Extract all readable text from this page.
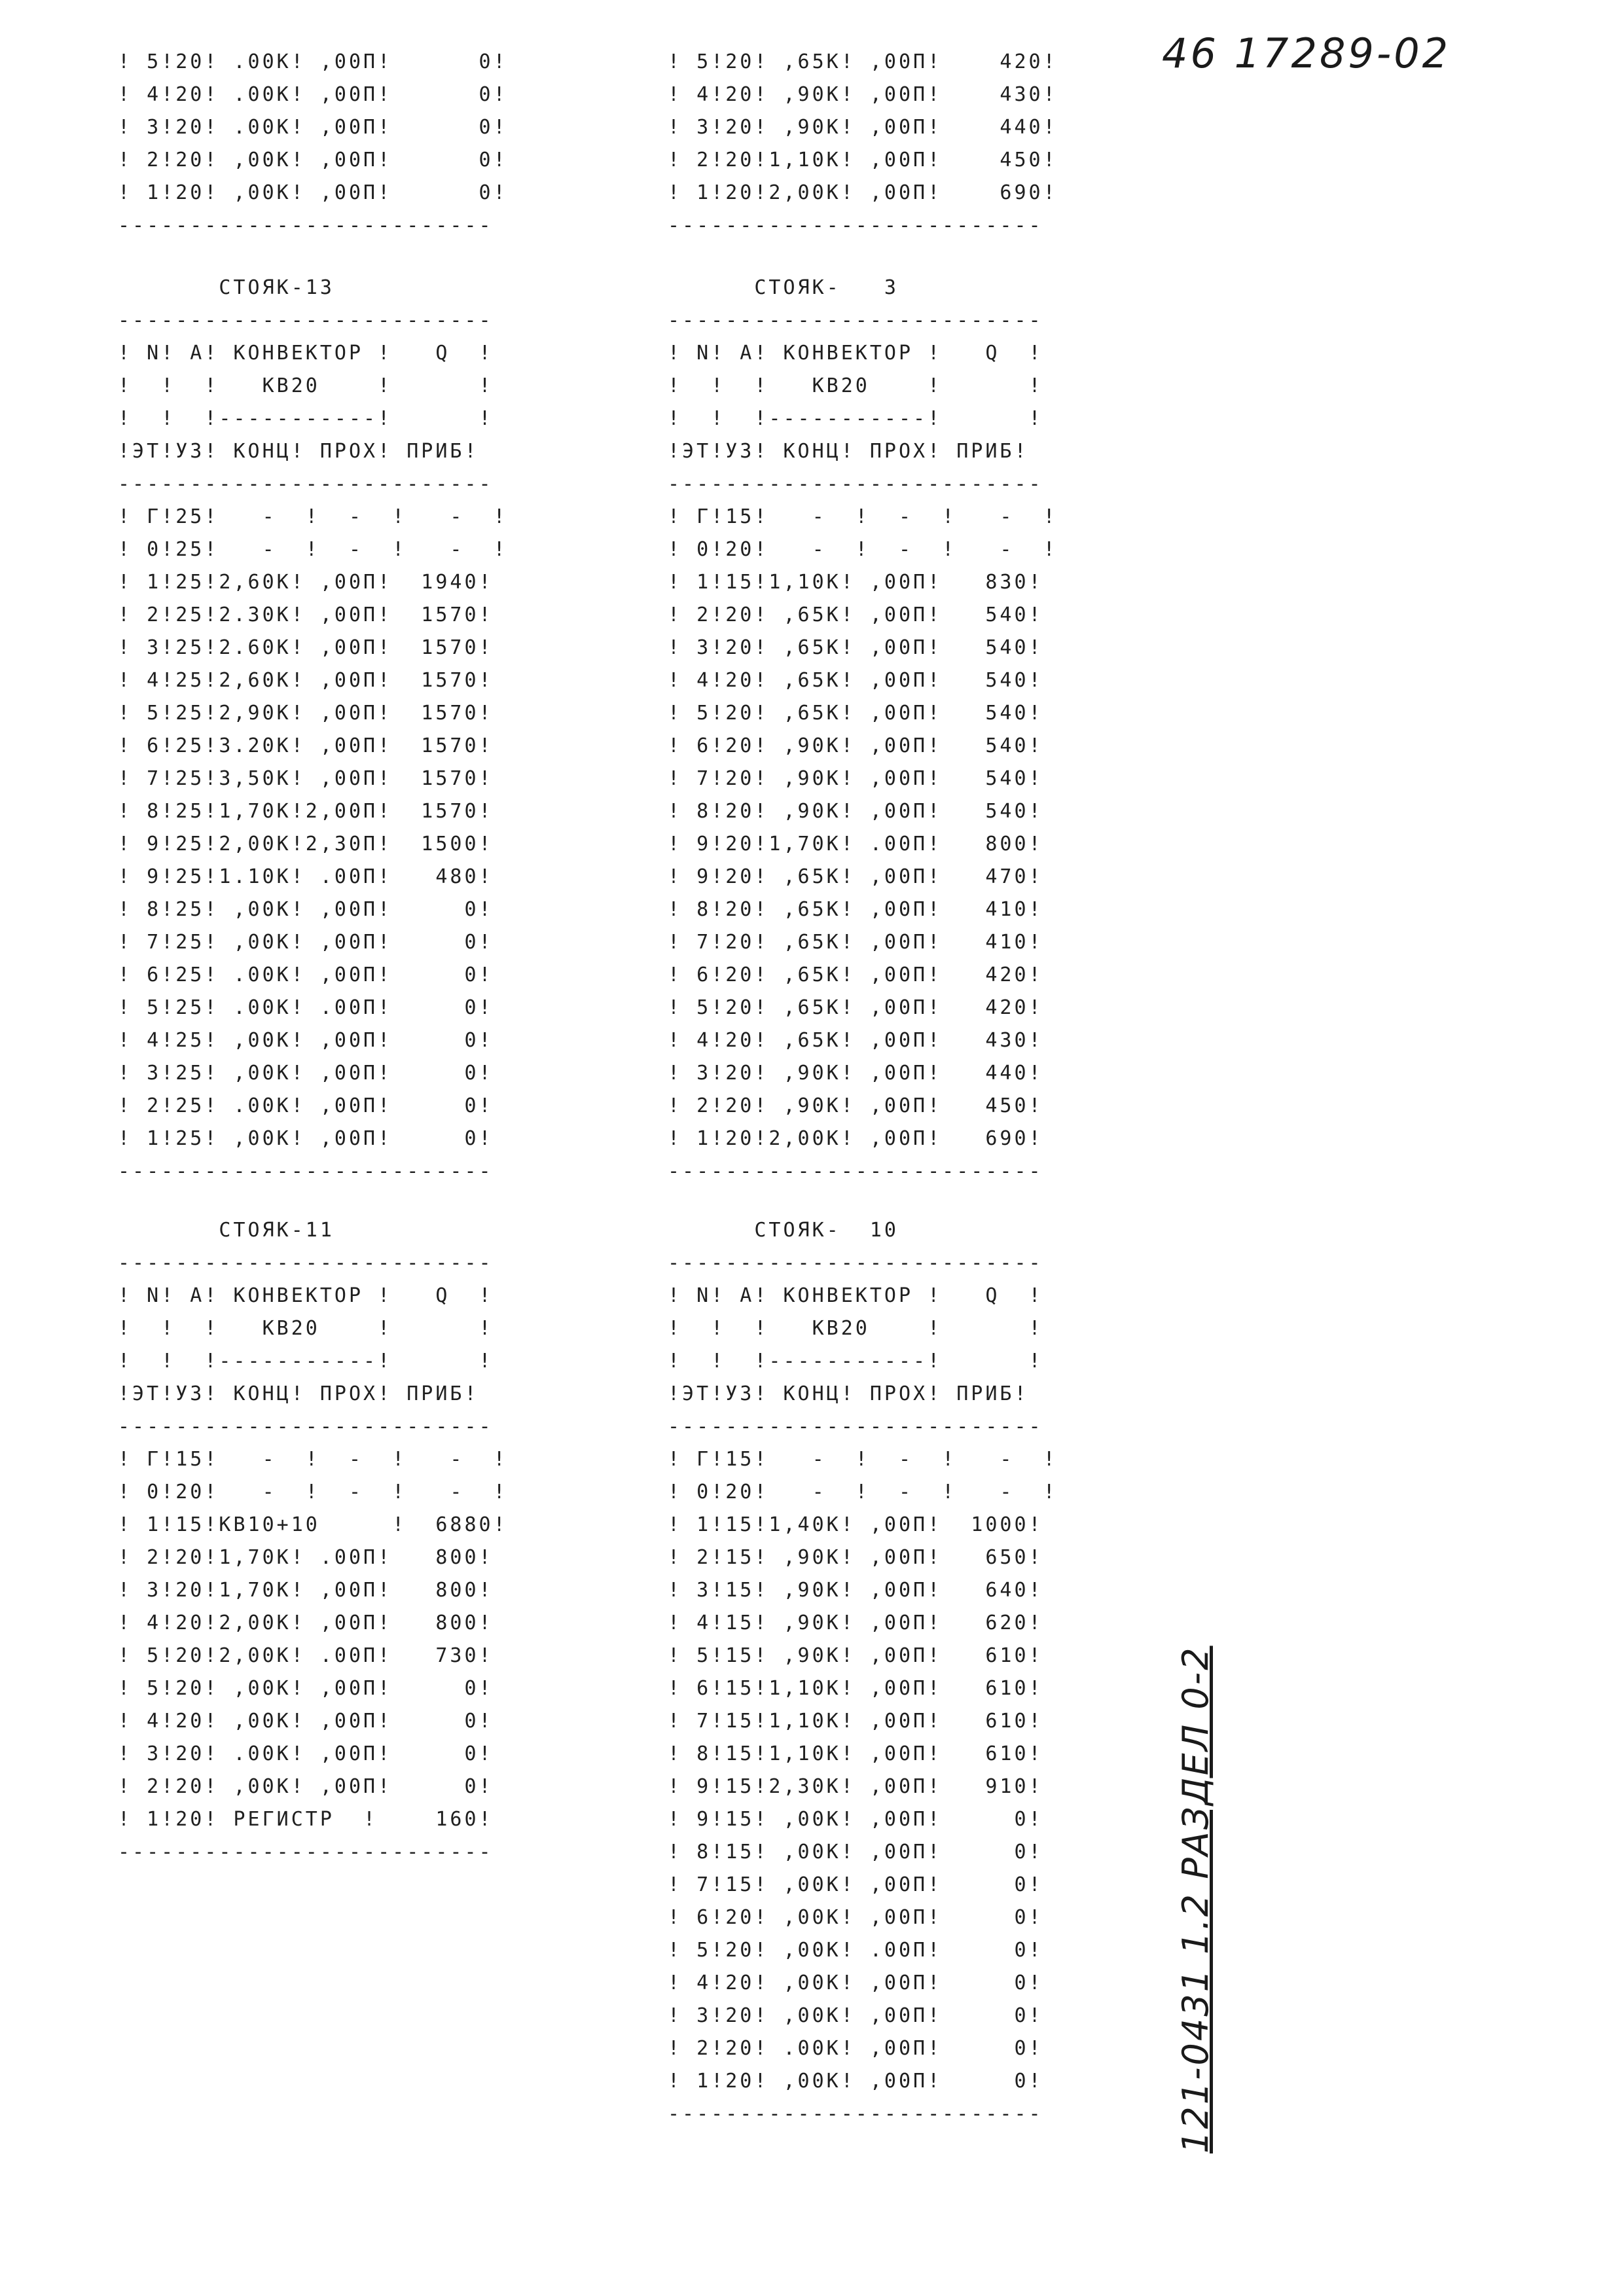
! 5!20! .00K! ,00П!      0!
! 4!20! .00K! ,00П!      0!
! 3!20! .00K! ,00П!      0!
! 2!20! ,00K! ,00П!      0!
! 1!20! ,00K! ,00П!      0!
--------------------------
! 5!20! ,65K! ,00П!    420!
! 4!20! ,90K! ,00П!    430!
! 3!20! ,90K! ,00П!    440!
! 2!20!1,10K! ,00П!    450!
! 1!20!2,00K! ,00П!    690!
--------------------------
СТОЯК-13
--------------------------
! N! A! КОНВЕКТОР !   Q  !
!  !  !   KB20    !      !
!  !  !-----------!      !
!ЭТ!УЗ! КОНЦ! ПРОХ! ПРИБ!
--------------------------
! Г!25!   -  !  -  !   -  !
! 0!25!   -  !  -  !   -  !
! 1!25!2,60K! ,00П!  1940!
! 2!25!2.30K! ,00П!  1570!
! 3!25!2.60K! ,00П!  1570!
! 4!25!2,60K! ,00П!  1570!
! 5!25!2,90K! ,00П!  1570!
! 6!25!3.20K! ,00П!  1570!
! 7!25!3,50K! ,00П!  1570!
! 8!25!1,70K!2,00П!  1570!
! 9!25!2,00K!2,30П!  1500!
! 9!25!1.10K! .00П!   480!
! 8!25! ,00K! ,00П!     0!
! 7!25! ,00K! ,00П!     0!
! 6!25! .00K! ,00П!     0!
! 5!25! .00K! .00П!     0!
! 4!25! ,00K! ,00П!     0!
! 3!25! ,00K! ,00П!     0!
! 2!25! .00K! ,00П!     0!
! 1!25! ,00K! ,00П!     0!
--------------------------
СТОЯК-   3
--------------------------
! N! A! КОНВЕКТОР !   Q  !
!  !  !   KB20    !      !
!  !  !-----------!      !
!ЭТ!УЗ! КОНЦ! ПРОХ! ПРИБ!
--------------------------
! Г!15!   -  !  -  !   -  !
! 0!20!   -  !  -  !   -  !
! 1!15!1,10K! ,00П!   830!
! 2!20! ,65K! ,00П!   540!
! 3!20! ,65K! ,00П!   540!
! 4!20! ,65K! ,00П!   540!
! 5!20! ,65K! ,00П!   540!
! 6!20! ,90K! ,00П!   540!
! 7!20! ,90K! ,00П!   540!
! 8!20! ,90K! ,00П!   540!
! 9!20!1,70K! .00П!   800!
! 9!20! ,65K! ,00П!   470!
! 8!20! ,65K! ,00П!   410!
! 7!20! ,65K! ,00П!   410!
! 6!20! ,65K! ,00П!   420!
! 5!20! ,65K! ,00П!   420!
! 4!20! ,65K! ,00П!   430!
! 3!20! ,90K! ,00П!   440!
! 2!20! ,90K! ,00П!   450!
! 1!20!2,00K! ,00П!   690!
--------------------------
СТОЯК-11
--------------------------
! N! A! КОНВЕКТОР !   Q  !
!  !  !   KB20    !      !
!  !  !-----------!      !
!ЭТ!УЗ! КОНЦ! ПРОХ! ПРИБ!
--------------------------
! Г!15!   -  !  -  !   -  !
! 0!20!   -  !  -  !   -  !
! 1!15!KB10+10     !  6880!
! 2!20!1,70K! .00П!   800!
! 3!20!1,70K! ,00П!   800!
! 4!20!2,00K! ,00П!   800!
! 5!20!2,00K! .00П!   730!
! 5!20! ,00K! ,00П!     0!
! 4!20! ,00K! ,00П!     0!
! 3!20! .00K! ,00П!     0!
! 2!20! ,00K! ,00П!     0!
! 1!20! РЕГИСТР  !    160!
--------------------------
СТОЯК-  10
--------------------------
! N! A! КОНВЕКТОР !   Q  !
!  !  !   KB20    !      !
!  !  !-----------!      !
!ЭТ!УЗ! КОНЦ! ПРОХ! ПРИБ!
--------------------------
! Г!15!   -  !  -  !   -  !
! 0!20!   -  !  -  !   -  !
! 1!15!1,40K! ,00П!  1000!
! 2!15! ,90K! ,00П!   650!
! 3!15! ,90K! ,00П!   640!
! 4!15! ,90K! ,00П!   620!
! 5!15! ,90K! ,00П!   610!
! 6!15!1,10K! ,00П!   610!
! 7!15!1,10K! ,00П!   610!
! 8!15!1,10K! ,00П!   610!
! 9!15!2,30K! ,00П!   910!
! 9!15! ,00K! ,00П!     0!
! 8!15! ,00K! ,00П!     0!
! 7!15! ,00K! ,00П!     0!
! 6!20! ,00K! ,00П!     0!
! 5!20! ,00K! .00П!     0!
! 4!20! ,00K! ,00П!     0!
! 3!20! ,00K! ,00П!     0!
! 2!20! .00K! ,00П!     0!
! 1!20! ,00K! ,00П!     0!
--------------------------
46 17289-02
121-0431 1.2 РАЗДЕЛ 0-2
